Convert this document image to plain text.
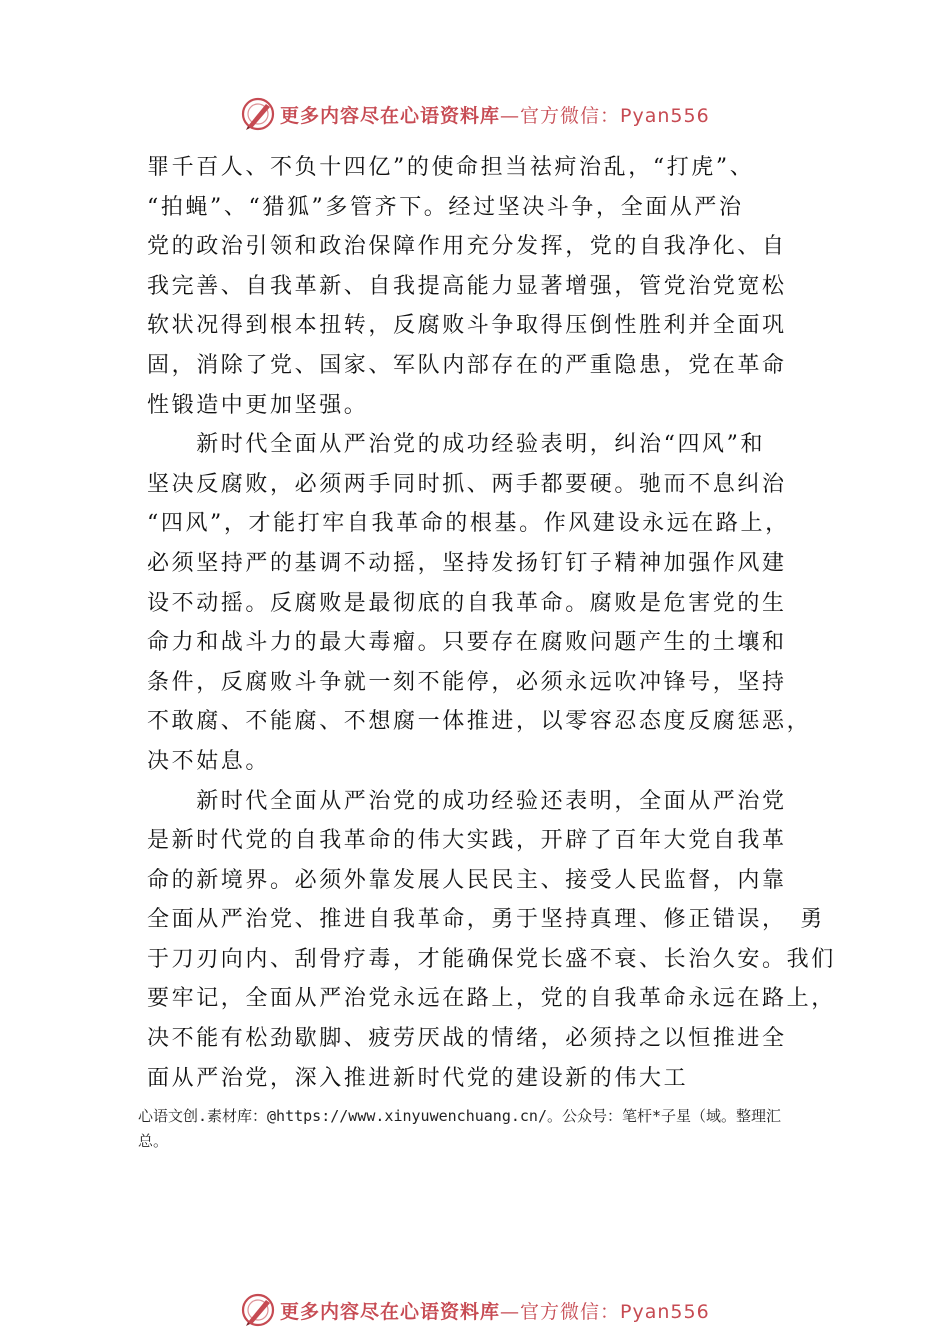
更多内容尽在心语资料库—官方微信：Pyan556
罪千百人、不负十四亿”的使命担当祛疴治乱，“打虎”、
“拍蝇”、“猎狐”多管齐下。经过坚决斗争，全面从严治
党的政治引领和政治保障作用充分发挥，党的自我净化、自
我完善、自我革新、自我提高能力显著增强，管党治党宽松
软状况得到根本扭转，反腐败斗争取得压倒性胜利并全面巩
固，消除了党、国家、军队内部存在的严重隐患，党在革命
性锻造中更加坚强。
　　新时代全面从严治党的成功经验表明，纠治“四风”和
坚决反腐败，必须两手同时抓、两手都要硬。驰而不息纠治
“四风”，才能打牢自我革命的根基。作风建设永远在路上，
必须坚持严的基调不动摇，坚持发扬钉钉子精神加强作风建
设不动摇。反腐败是最彻底的自我革命。腐败是危害党的生
命力和战斗力的最大毒瘤。只要存在腐败问题产生的土壤和
条件，反腐败斗争就一刻不能停，必须永远吹冲锋号，坚持
不敢腐、不能腐、不想腐一体推进，以零容忍态度反腐惩恶，
决不姑息。
　　新时代全面从严治党的成功经验还表明，全面从严治党
是新时代党的自我革命的伟大实践，开辟了百年大党自我革
命的新境界。必须外靠发展人民民主、接受人民监督，内靠
全面从严治党、推进自我革命，勇于坚持真理、修正错误，　勇
于刀刃向内、刮骨疗毒，才能确保党长盛不衰、长治久安。我们
要牢记，全面从严治党永远在路上，党的自我革命永远在路上，
决不能有松劲歇脚、疲劳厌战的情绪，必须持之以恒推进全
面从严治党，深入推进新时代党的建设新的伟大工
心语文创.素材库：@https://www.xinyuwenchuang.cn/。公众号：笔杆*子星（域。整理汇
总。
更多内容尽在心语资料库—官方微信：Pyan556
